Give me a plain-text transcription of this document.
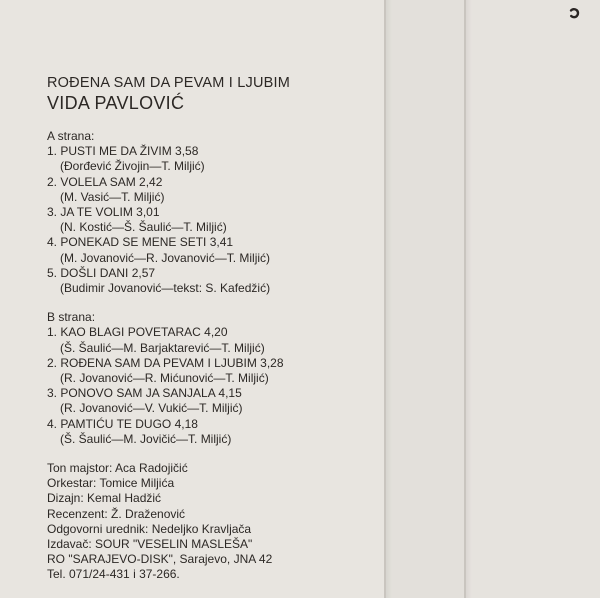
ROĐENA SAM DA PEVAM I LJUBIM
VIDA PAVLOVIĆ
A strana:
1. PUSTI ME DA ŽIVIM 3,58
(Đorđević Živojin—T. Miljić)
2. VOLELA SAM 2,42
(M. Vasić—T. Miljić)
3. JA TE VOLIM 3,01
(N. Kostić—Š. Šaulić—T. Miljić)
4. PONEKAD SE MENE SETI 3,41
(M. Jovanović—R. Jovanović—T. Miljić)
5. DOŠLI DANI 2,57
(Budimir Jovanović—tekst: S. Kafedžić)
B strana:
1. KAO BLAGI POVETARAC 4,20
(Š. Šaulić—M. Barjaktarević—T. Miljić)
2. ROĐENA SAM DA PEVAM I LJUBIM 3,28
(R. Jovanović—R. Mićunović—T. Miljić)
3. PONOVO SAM JA SANJALA 4,15
(R. Jovanović—V. Vukić—T. Miljić)
4. PAMTIĆU TE DUGO 4,18
(Š. Šaulić—M. Jovičić—T. Miljić)
Ton majstor: Aca Radojičić
Orkestar: Tomice Miljića
Dizajn: Kemal Hadžić
Recenzent: Ž. Draženović
Odgovorni urednik: Nedeljko Kravljača
Izdavač: SOUR "VESELIN MASLEŠA"
RO "SARAJEVO-DISK", Sarajevo, JNA 42
Tel. 071/24-431 i 37-266.
